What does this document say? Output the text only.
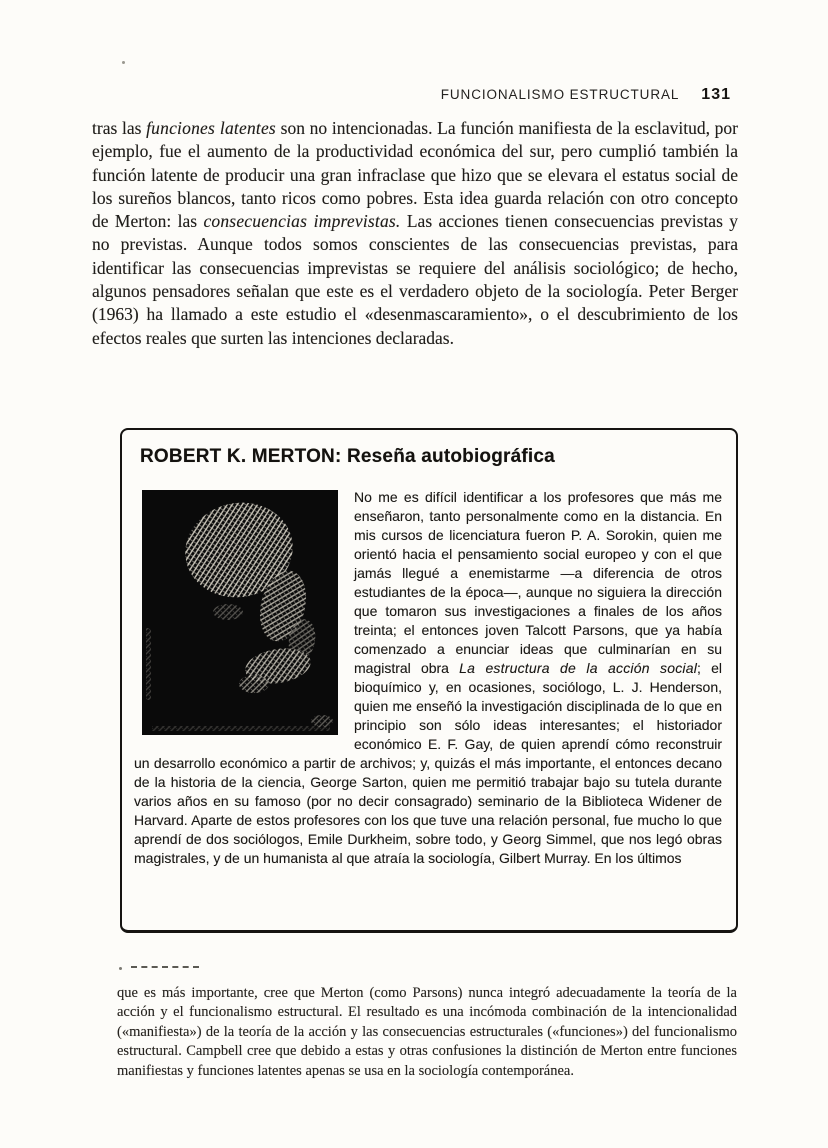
FUNCIONALISMO ESTRUCTURAL 131

tras las funciones latentes son no intencionadas. La función manifiesta de la esclavitud, por ejemplo, fue el aumento de la productividad económica del sur, pero cumplió también la función latente de producir una gran infraclase que hizo que se elevara el estatus social de los sureños blancos, tanto ricos como pobres. Esta idea guarda relación con otro concepto de Merton: las consecuencias imprevistas. Las acciones tienen consecuencias previstas y no previstas. Aunque todos somos conscientes de las consecuencias previstas, para identificar las consecuencias imprevistas se requiere del análisis sociológico; de hecho, algunos pensadores señalan que este es el verdadero objeto de la sociología. Peter Berger (1963) ha llamado a este estudio el «desenmascaramiento», o el descubrimiento de los efectos reales que surten las intenciones declaradas.

ROBERT K. MERTON: Reseña autobiográfica

No me es difícil identificar a los profesores que más me enseñaron, tanto personalmente como en la distancia. En mis cursos de licenciatura fueron P. A. Sorokin, quien me orientó hacia el pensamiento social europeo y con el que jamás llegué a enemistarme —a diferencia de otros estudiantes de la época—, aunque no siguiera la dirección que tomaron sus investigaciones a finales de los años treinta; el entonces joven Talcott Parsons, que ya había comenzado a enunciar ideas que culminarían en su magistral obra La estructura de la acción social; el bioquímico y, en ocasiones, sociólogo, L. J. Henderson, quien me enseñó la investigación disciplinada de lo que en principio son sólo ideas interesantes; el historiador económico E. F. Gay, de quien aprendí cómo reconstruir un desarrollo económico a partir de archivos; y, quizás el más importante, el entonces decano de la historia de la ciencia, George Sarton, quien me permitió trabajar bajo su tutela durante varios años en su famoso (por no decir consagrado) seminario de la Biblioteca Widener de Harvard. Aparte de estos profesores con los que tuve una relación personal, fue mucho lo que aprendí de dos sociólogos, Emile Durkheim, sobre todo, y Georg Simmel, que nos legó obras magistrales, y de un humanista al que atraía la sociología, Gilbert Murray. En los últimos

que es más importante, cree que Merton (como Parsons) nunca integró adecuadamente la teoría de la acción y el funcionalismo estructural. El resultado es una incómoda combinación de la intencionalidad («manifiesta») de la teoría de la acción y las consecuencias estructurales («funciones») del funcionalismo estructural. Campbell cree que debido a estas y otras confusiones la distinción de Merton entre funciones manifiestas y funciones latentes apenas se usa en la sociología contemporánea.
